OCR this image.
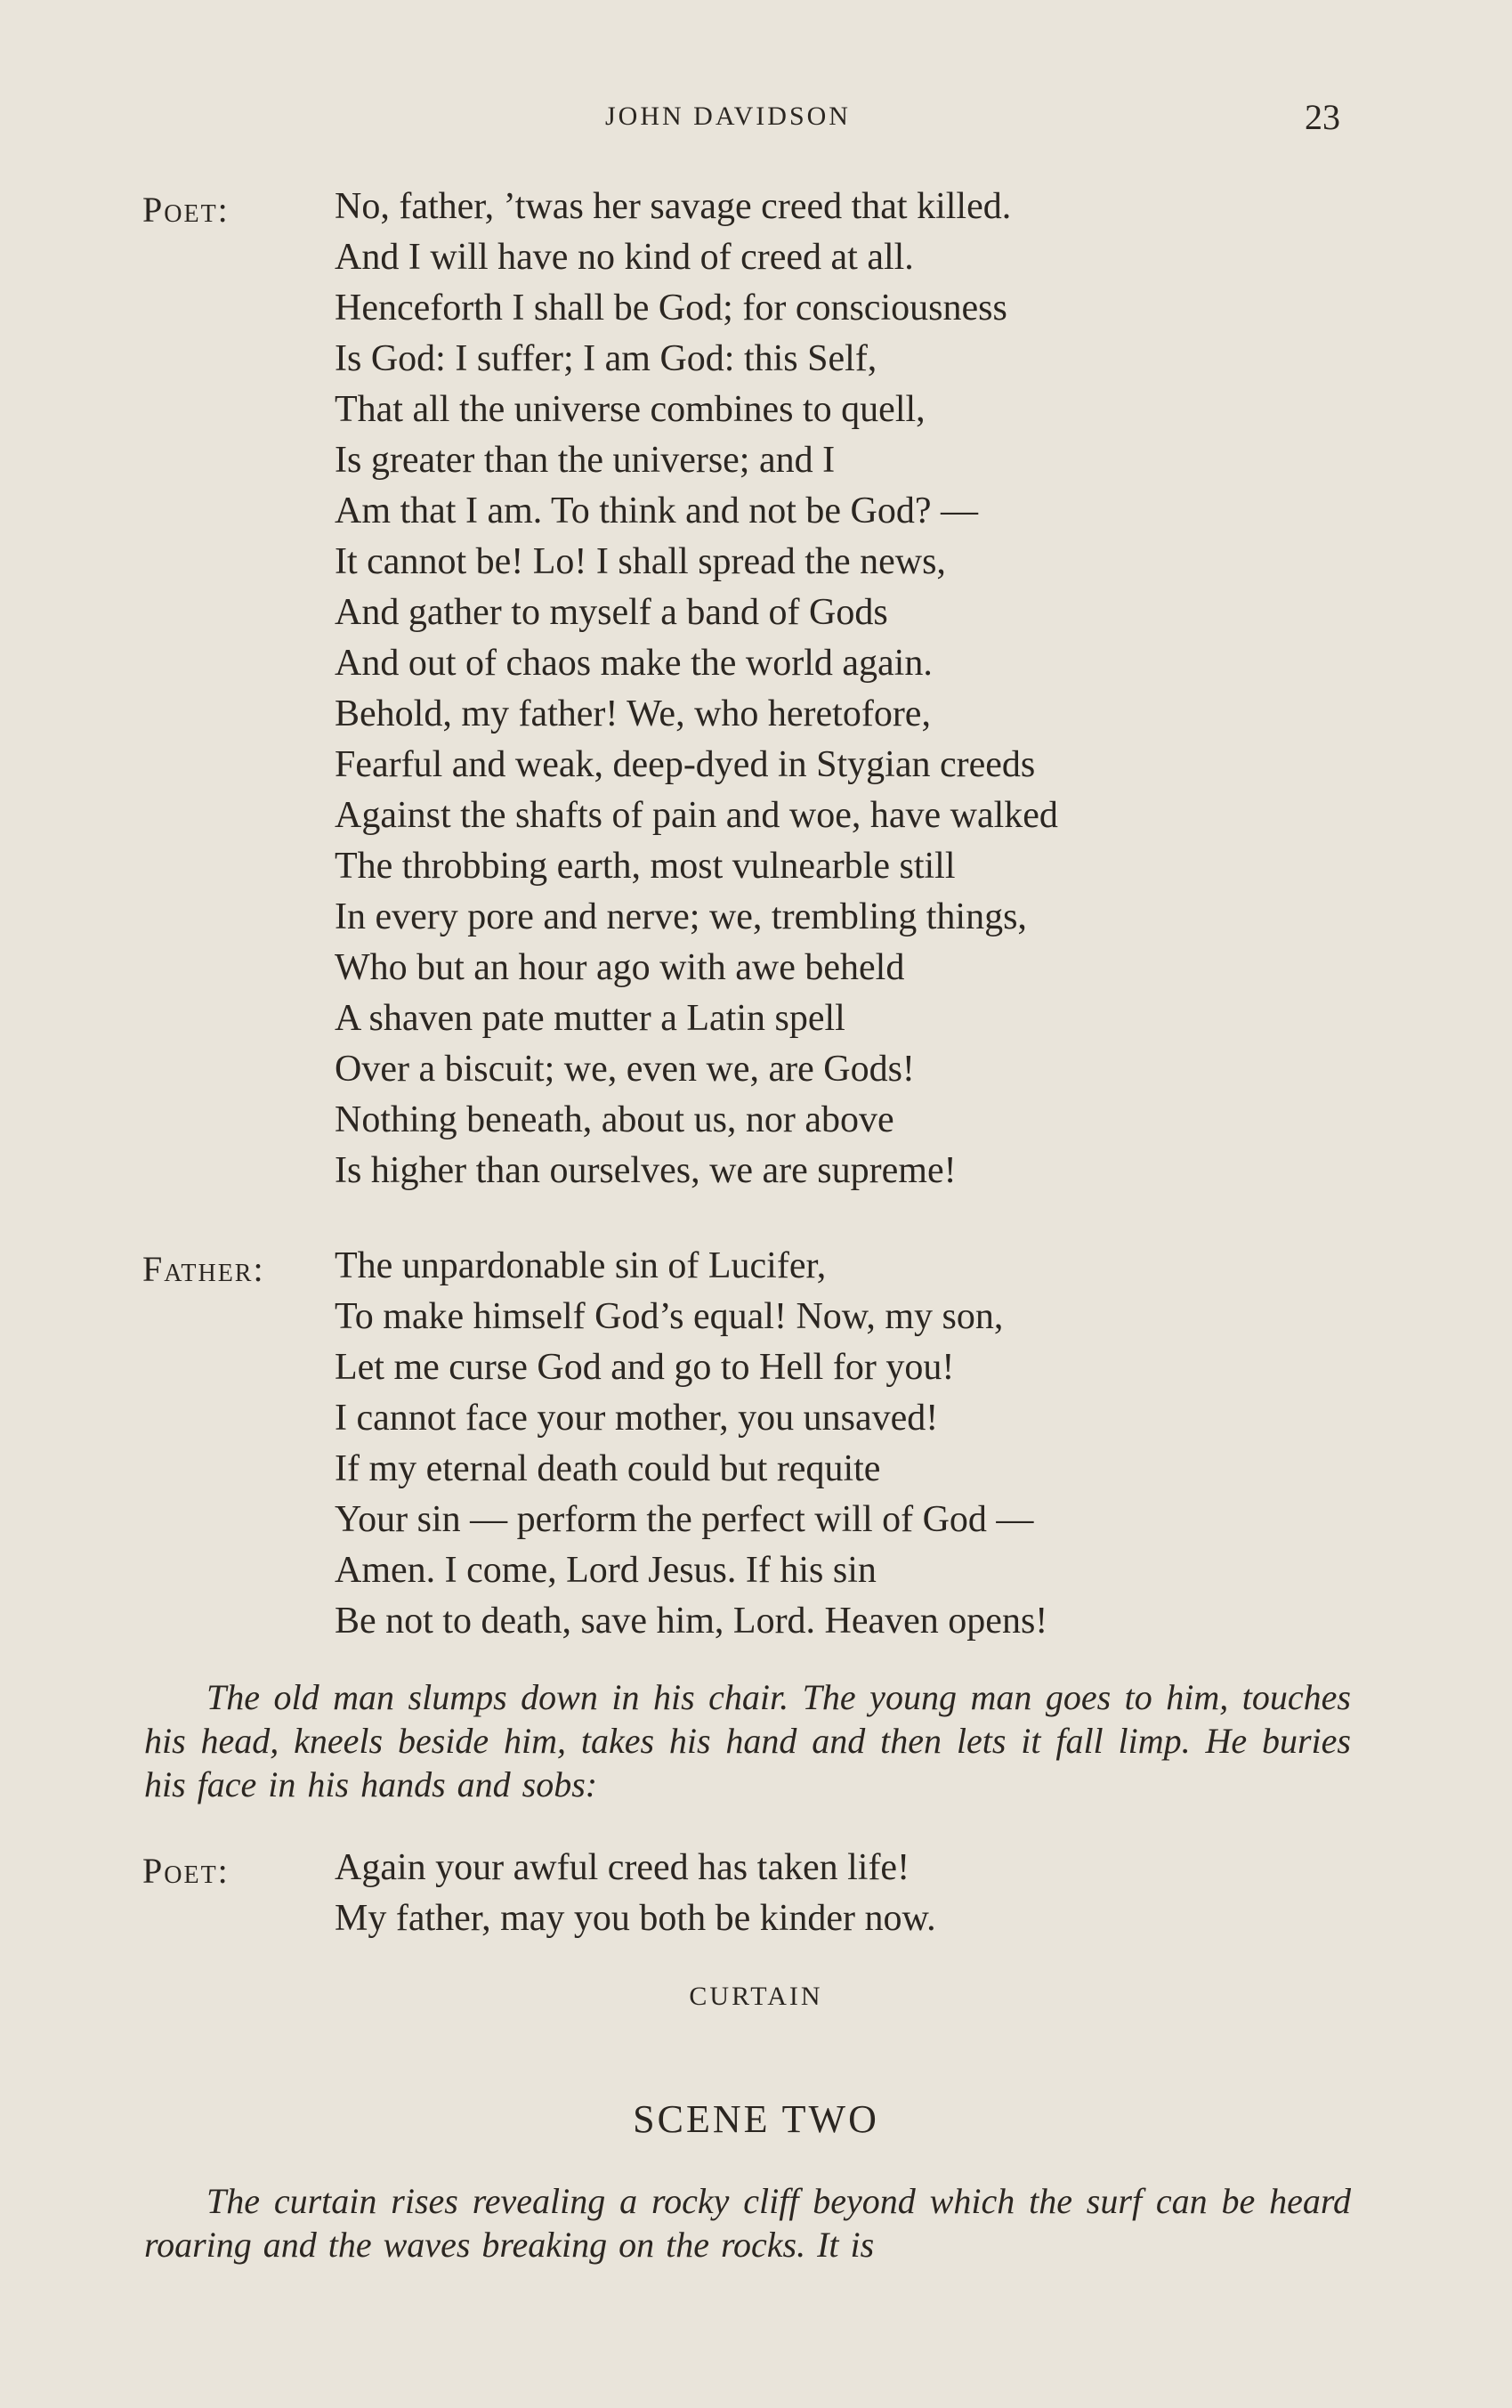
JOHN DAVIDSON	23
Poet:	No, father, ’twas her savage creed that killed.
And I will have no kind of creed at all.
Henceforth I shall be God; for consciousness
Is God: I suffer; I am God: this Self,
That all the universe combines to quell,
Is greater than the universe; and I
Am that I am. To think and not be God? —
It cannot be! Lo! I shall spread the news,
And gather to myself a band of Gods
And out of chaos make the world again.
Behold, my father! We, who heretofore,
Fearful and weak, deep-dyed in Stygian creeds
Against the shafts of pain and woe, have walked
The throbbing earth, most vulnearble still
In every pore and nerve; we, trembling things,
Who but an hour ago with awe beheld
A shaven pate mutter a Latin spell
Over a biscuit; we, even we, are Gods!
Nothing beneath, about us, nor above
Is higher than ourselves, we are supreme!
Father: The unpardonable sin of Lucifer,
To make himself God’s equal! Now, my son,
Let me curse God and go to Hell for you!
I cannot face your mother, you unsaved!
If my eternal death could but requite
Your sin — perform the perfect will of God —
Amen. I come, Lord Jesus. If his sin
Be not to death, save him, Lord. Heaven opens!
The old man slumps down in his chair. The young man goes to him, touches his head, kneels beside him, takes his hand and then lets it fall limp. He buries his face in his hands and sobs:
Poet:	Again your awful creed has taken life!
My father, may you both be kinder now.
CURTAIN
SCENE TWO
The curtain rises revealing a rocky cliff beyond which the surf can be heard roaring and the waves breaking on the rocks. It is
